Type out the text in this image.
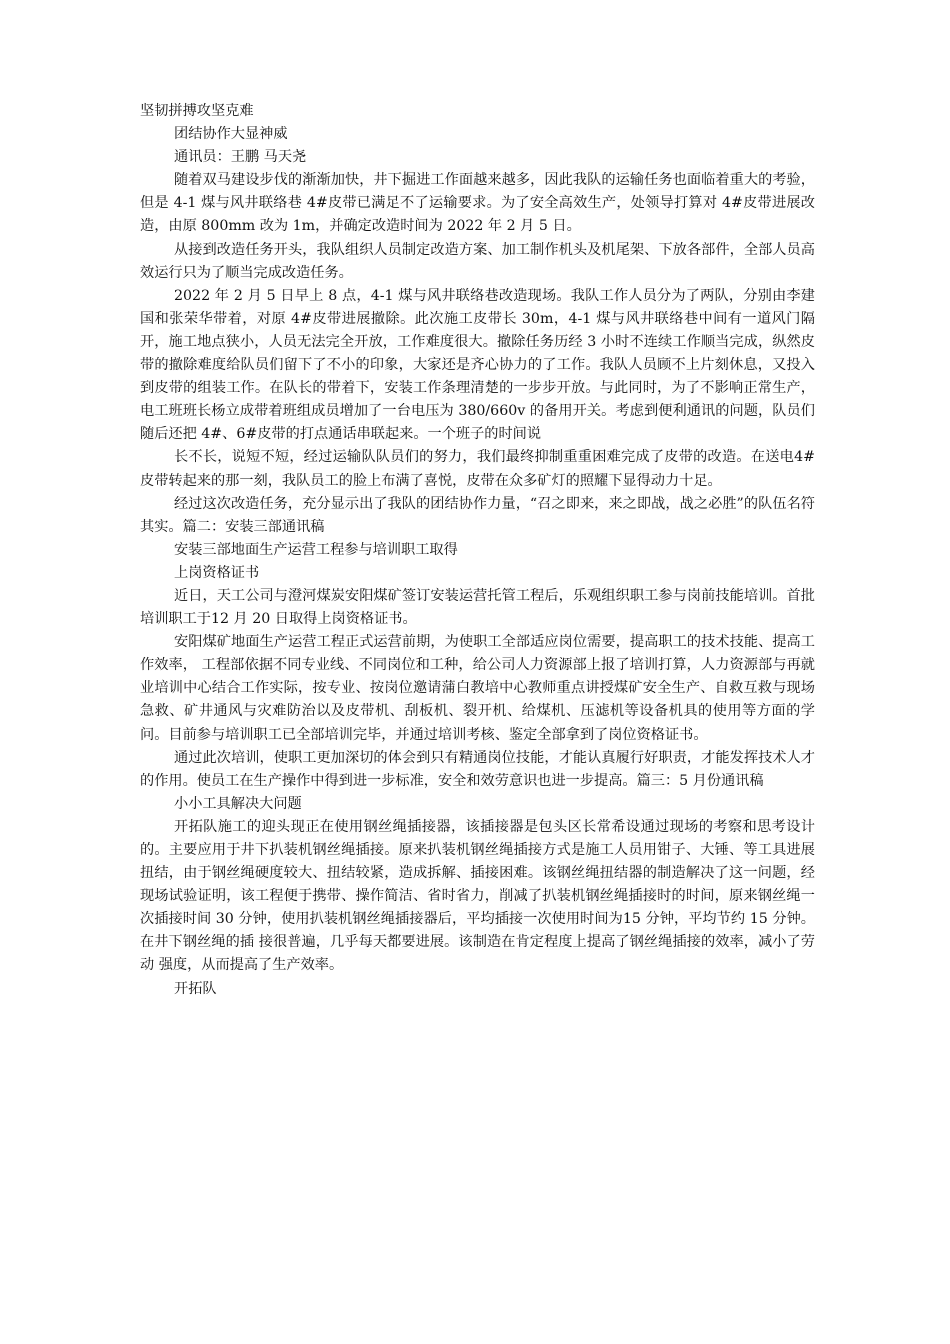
坚韧拼搏攻坚克难

团结协作大显神威

通讯员：王鹏 马天尧

随着双马建设步伐的渐渐加快，井下掘进工作面越来越多，因此我队的运输任务也面临着重大的考验，但是 4-1 煤与风井联络巷 4#皮带已满足不了运输要求。为了安全高效生产，处领导打算对 4#皮带进展改造，由原 800mm 改为 1m，并确定改造时间为 2022 年 2 月 5 日。

从接到改造任务开头，我队组织人员制定改造方案、加工制作机头及机尾架、下放各部件，全部人员高效运行只为了顺当完成改造任务。

2022 年 2 月 5 日早上 8 点，4-1 煤与风井联络巷改造现场。我队工作人员分为了两队，分别由李建国和张荣华带着，对原 4#皮带进展撤除。此次施工皮带长 30m，4-1 煤与风井联络巷中间有一道风门隔开，施工地点狭小，人员无法完全开放，工作难度很大。撤除任务历经 3 小时不连续工作顺当完成，纵然皮带的撤除难度给队员们留下了不小的印象，大家还是齐心协力的了工作。我队人员顾不上片刻休息，又投入到皮带的组装工作。在队长的带着下，安装工作条理清楚的一步步开放。与此同时，为了不影响正常生产，电工班班长杨立成带着班组成员增加了一台电压为 380/660v 的备用开关。考虑到便利通讯的问题，队员们随后还把 4#、6#皮带的打点通话串联起来。一个班子的时间说

长不长，说短不短，经过运输队队员们的努力，我们最终抑制重重困难完成了皮带的改造。在送电4#皮带转起来的那一刻，我队员工的脸上布满了喜悦，皮带在众多矿灯的照耀下显得动力十足。

经过这次改造任务，充分显示出了我队的团结协作力量，“召之即来，来之即战，战之必胜”的队伍名符其实。篇二：安装三部通讯稿

安装三部地面生产运营工程参与培训职工取得

上岗资格证书

近日，天工公司与澄河煤炭安阳煤矿签订安装运营托管工程后，乐观组织职工参与岗前技能培训。首批培训职工于12 月 20 日取得上岗资格证书。

安阳煤矿地面生产运营工程正式运营前期，为使职工全部适应岗位需要，提高职工的技术技能、提高工作效率， 工程部依据不同专业线、不同岗位和工种，给公司人力资源部上报了培训打算，人力资源部与再就业培训中心结合工作实际，按专业、按岗位邀请蒲白教培中心教师重点讲授煤矿安全生产、自救互救与现场急救、矿井通风与灾难防治以及皮带机、刮板机、裂开机、给煤机、压滤机等设备机具的使用等方面的学问。目前参与培训职工已全部培训完毕，并通过培训考核、鉴定全部拿到了岗位资格证书。

通过此次培训，使职工更加深切的体会到只有精通岗位技能，才能认真履行好职责，才能发挥技术人才的作用。使员工在生产操作中得到进一步标准，安全和效劳意识也进一步提高。篇三：5 月份通讯稿

小小工具解决大问题

开拓队施工的迎头现正在使用钢丝绳插接器，该插接器是包头区长常希设通过现场的考察和思考设计的。主要应用于井下扒装机钢丝绳插接。原来扒装机钢丝绳插接方式是施工人员用钳子、大锤、等工具进展扭结，由于钢丝绳硬度较大、扭结较紧，造成拆解、插接困难。该钢丝绳扭结器的制造解决了这一问题，经现场试验证明，该工程便于携带、操作简洁、省时省力，削减了扒装机钢丝绳插接时的时间，原来钢丝绳一次插接时间 30 分钟，使用扒装机钢丝绳插接器后，平均插接一次使用时间为15 分钟，平均节约 15 分钟。在井下钢丝绳的插 接很普遍，几乎每天都要进展。该制造在肯定程度上提高了钢丝绳插接的效率，减小了劳动 强度，从而提高了生产效率。

开拓队
